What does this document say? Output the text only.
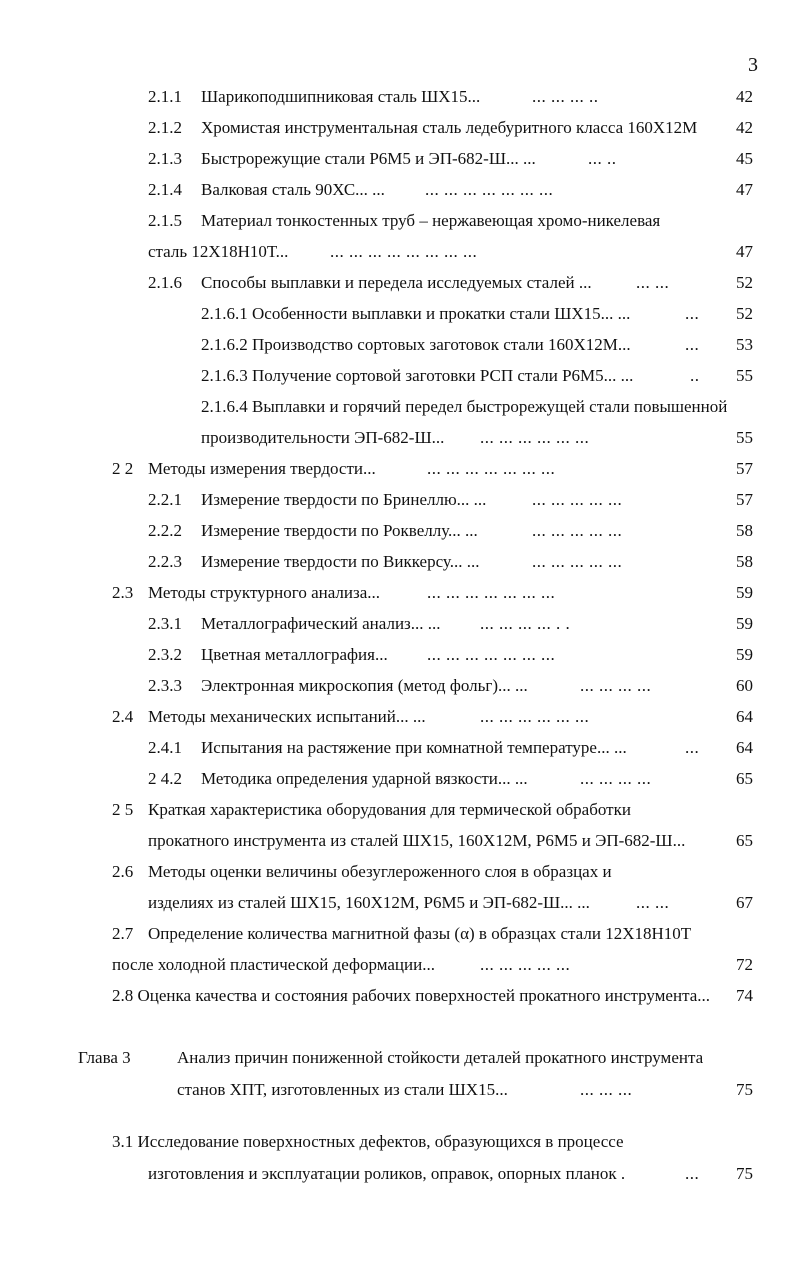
3
2.1.1 Шарикоподшипниковая сталь ШХ15...	... ... ... ..	42
2.1.2 Хромистая инструментальная сталь ледебуритного класса 160Х12М 42
2.1.3 Быстрорежущие стали Р6М5 и ЭП-682-Ш... ...	... ..	45
2.1.4 Валковая сталь 90ХС... ... ... ... ... ... ... ... ...	47
2.1.5 Материал тонкостенных труб – нержавеющая хромо-никелевая
сталь 12Х18Н10Т... ... ... ... ... ... ... ... ...	47
2.1.6 Способы выплавки и передела исследуемых сталей ...	... ...	52
2.1.6.1 Особенности выплавки и прокатки стали ШХ15... ...	... 52
2.1.6.2 Производство сортовых заготовок стали 160Х12М...	... 53
2.1.6.3 Получение сортовой заготовки РСП стали Р6М5... ...	.. 55
2.1.6.4 Выплавки и горячий передел быстрорежущей стали повышенной
производительности ЭП-682-Ш... ... ... ... ... ... ...	55
2 2 Методы измерения твердости...	... ... ... ... ... ... ...	57
2.2.1 Измерение твердости по Бринеллю... ...	... ... ... ... ...	57
2.2.2 Измерение твердости по Роквеллу... ...	... ... ... ... ...	58
2.2.3 Измерение твердости по Виккерсу... ...	... ... ... ... ...	58
2.3 Методы структурного анализа...	... ... ... ... ... ... ...	59
2.3.1 Металлографический анализ... ... ... ... ... ... . .	59
2.3.2 Цветная металлография... ... ... ... ... ... ... ...	59
2.3.3 Электронная микроскопия (метод фольг)... ...	... ... ... ...	60
2.4 Методы механических испытаний... ...	... ... ... ... ... ...	64
2.4.1 Испытания на растяжение при комнатной температуре... ...	... 64
2 4.2 Методика определения ударной вязкости... ...	... ... ... ...	65
2 5 Краткая характеристика оборудования для термической обработки
прокатного инструмента из сталей ШХ15, 160Х12М, Р6М5 и ЭП-682-Ш...	65
2.6 Методы оценки величины обезуглероженного слоя в образцах и
изделиях из сталей ШХ15, 160Х12М, Р6М5 и ЭП-682-Ш... ...	... ...	67
2.7 Определение количества магнитной фазы (α) в образцах стали 12Х18Н10Т
после холодной пластической деформации...	... ... ... ... ...	72
2.8 Оценка качества и состояния рабочих поверхностей прокатного инструмента... 74
Глава 3	Анализ причин пониженной стойкости деталей прокатного инструмента
станов ХПТ, изготовленных из стали ШХ15...	... ... ...	75
3.1 Исследование поверхностных дефектов, образующихся в процессе
изготовления и эксплуатации роликов, оправок, опорных планок .	... 75
